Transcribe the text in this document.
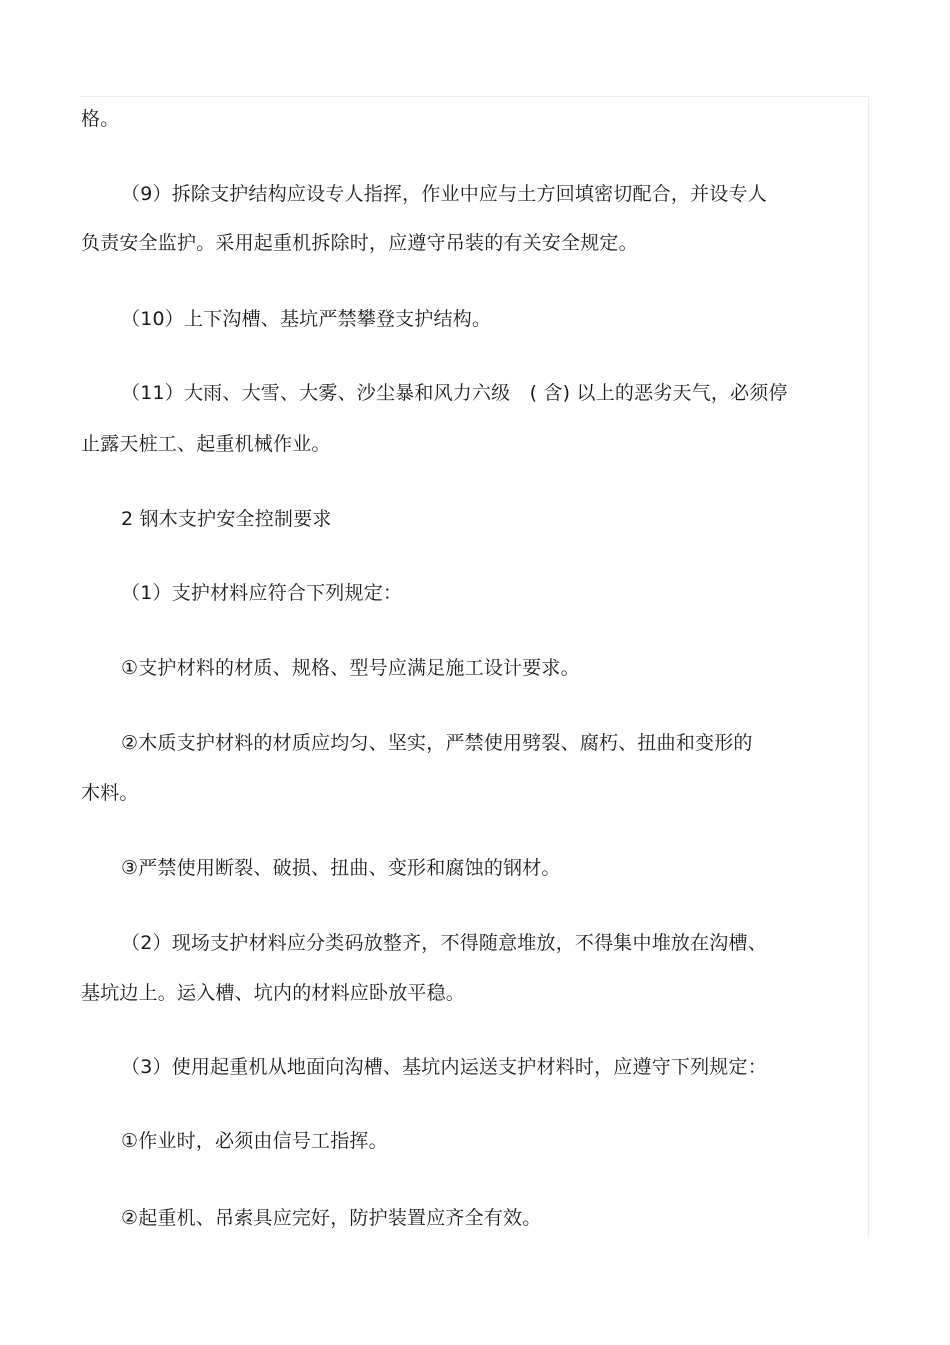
格。
（9）拆除支护结构应设专人指挥，作业中应与土方回填密切配合，并设专人
负责安全监护。采用起重机拆除时，应遵守吊装的有关安全规定。
（10）上下沟槽、基坑严禁攀登支护结构。
（11）大雨、大雪、大雾、沙尘暴和风力六级　( 含) 以上的恶劣天气，必须停
止露天桩工、起重机械作业。
2 钢木支护安全控制要求
（1）支护材料应符合下列规定：
①支护材料的材质、规格、型号应满足施工设计要求。
②木质支护材料的材质应均匀、坚实，严禁使用劈裂、腐朽、扭曲和变形的
木料。
③严禁使用断裂、破损、扭曲、变形和腐蚀的钢材。
（2）现场支护材料应分类码放整齐，不得随意堆放，不得集中堆放在沟槽、
基坑边上。运入槽、坑内的材料应卧放平稳。
（3）使用起重机从地面向沟槽、基坑内运送支护材料时，应遵守下列规定：
①作业时，必须由信号工指挥。
②起重机、吊索具应完好，防护装置应齐全有效。
